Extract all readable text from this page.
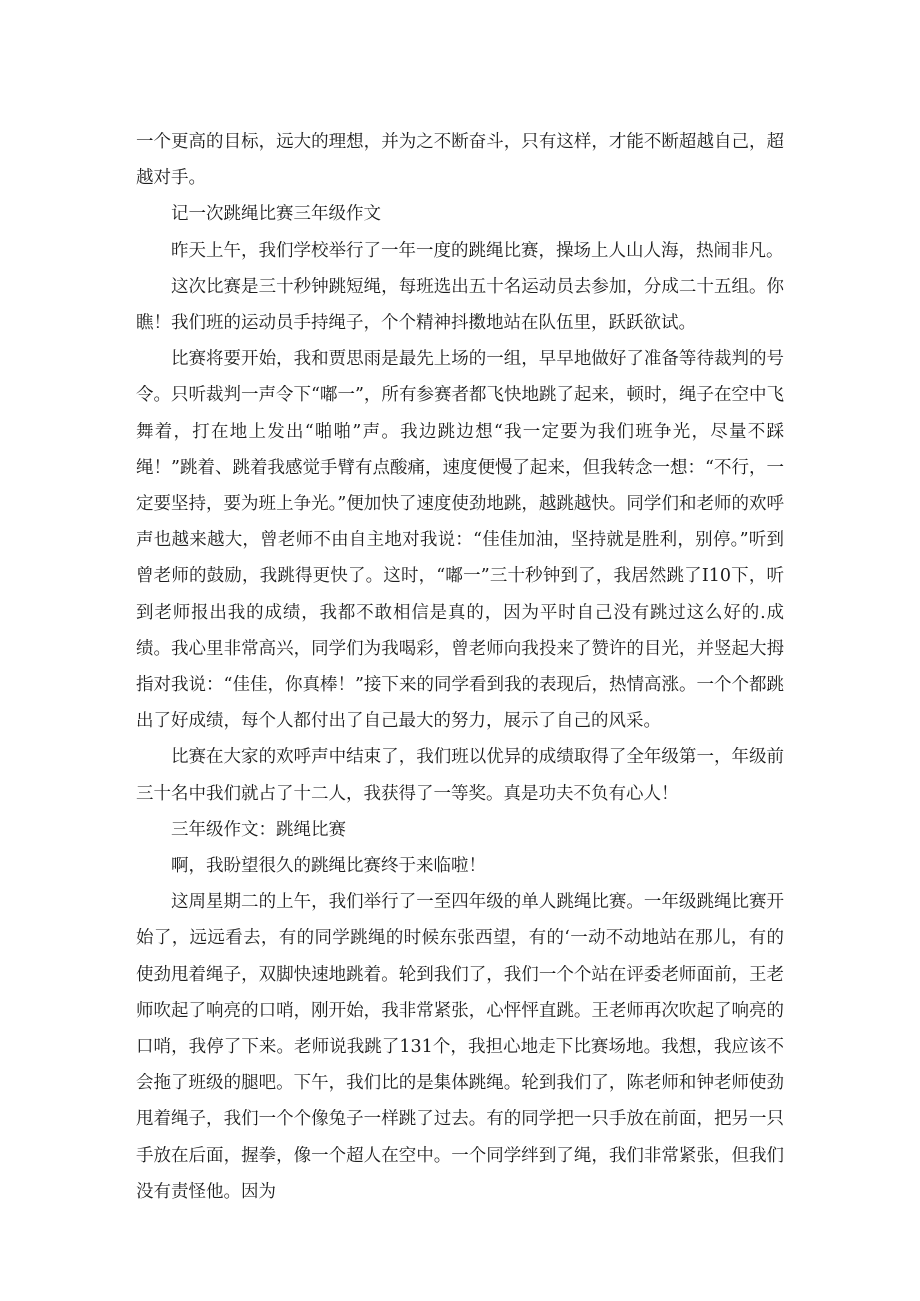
一个更高的目标，远大的理想，并为之不断奋斗，只有这样，才能不断超越自己，超越对手。

记一次跳绳比赛三年级作文

昨天上午，我们学校举行了一年一度的跳绳比赛，操场上人山人海，热闹非凡。

这次比赛是三十秒钟跳短绳，每班选出五十名运动员去参加，分成二十五组。你瞧！我们班的运动员手持绳子，个个精神抖擞地站在队伍里，跃跃欲试。

比赛将要开始，我和贾思雨是最先上场的一组，早早地做好了准备等待裁判的号令。只听裁判一声令下“嘟一”，所有参赛者都飞快地跳了起来，顿时，绳子在空中飞舞着，打在地上发出“啪啪”声。我边跳边想“我一定要为我们班争光，尽量不踩绳！”跳着、跳着我感觉手臂有点酸痛，速度便慢了起来，但我转念一想：“不行，一定要坚持，要为班上争光。”便加快了速度使劲地跳，越跳越快。同学们和老师的欢呼声也越来越大，曾老师不由自主地对我说：“佳佳加油，坚持就是胜利，别停。”听到曾老师的鼓励，我跳得更快了。这时，“嘟一”三十秒钟到了，我居然跳了I10下，听到老师报出我的成绩，我都不敢相信是真的，因为平时自己没有跳过这么好的.成绩。我心里非常高兴，同学们为我喝彩，曾老师向我投来了赞许的目光，并竖起大拇指对我说：“佳佳，你真棒！”接下来的同学看到我的表现后，热情高涨。一个个都跳出了好成绩，每个人都付出了自己最大的努力，展示了自己的风采。

比赛在大家的欢呼声中结束了，我们班以优异的成绩取得了全年级第一，年级前三十名中我们就占了十二人，我获得了一等奖。真是功夫不负有心人！

三年级作文：跳绳比赛

啊，我盼望很久的跳绳比赛终于来临啦！

这周星期二的上午，我们举行了一至四年级的单人跳绳比赛。一年级跳绳比赛开始了，远远看去，有的同学跳绳的时候东张西望，有的‘一动不动地站在那儿，有的使劲甩着绳子，双脚快速地跳着。轮到我们了，我们一个个站在评委老师面前，王老师吹起了响亮的口哨，刚开始，我非常紧张，心怦怦直跳。王老师再次吹起了响亮的口哨，我停了下来。老师说我跳了131个，我担心地走下比赛场地。我想，我应该不会拖了班级的腿吧。下午，我们比的是集体跳绳。轮到我们了，陈老师和钟老师使劲甩着绳子，我们一个个像兔子一样跳了过去。有的同学把一只手放在前面，把另一只手放在后面，握拳，像一个超人在空中。一个同学绊到了绳，我们非常紧张，但我们没有责怪他。因为
